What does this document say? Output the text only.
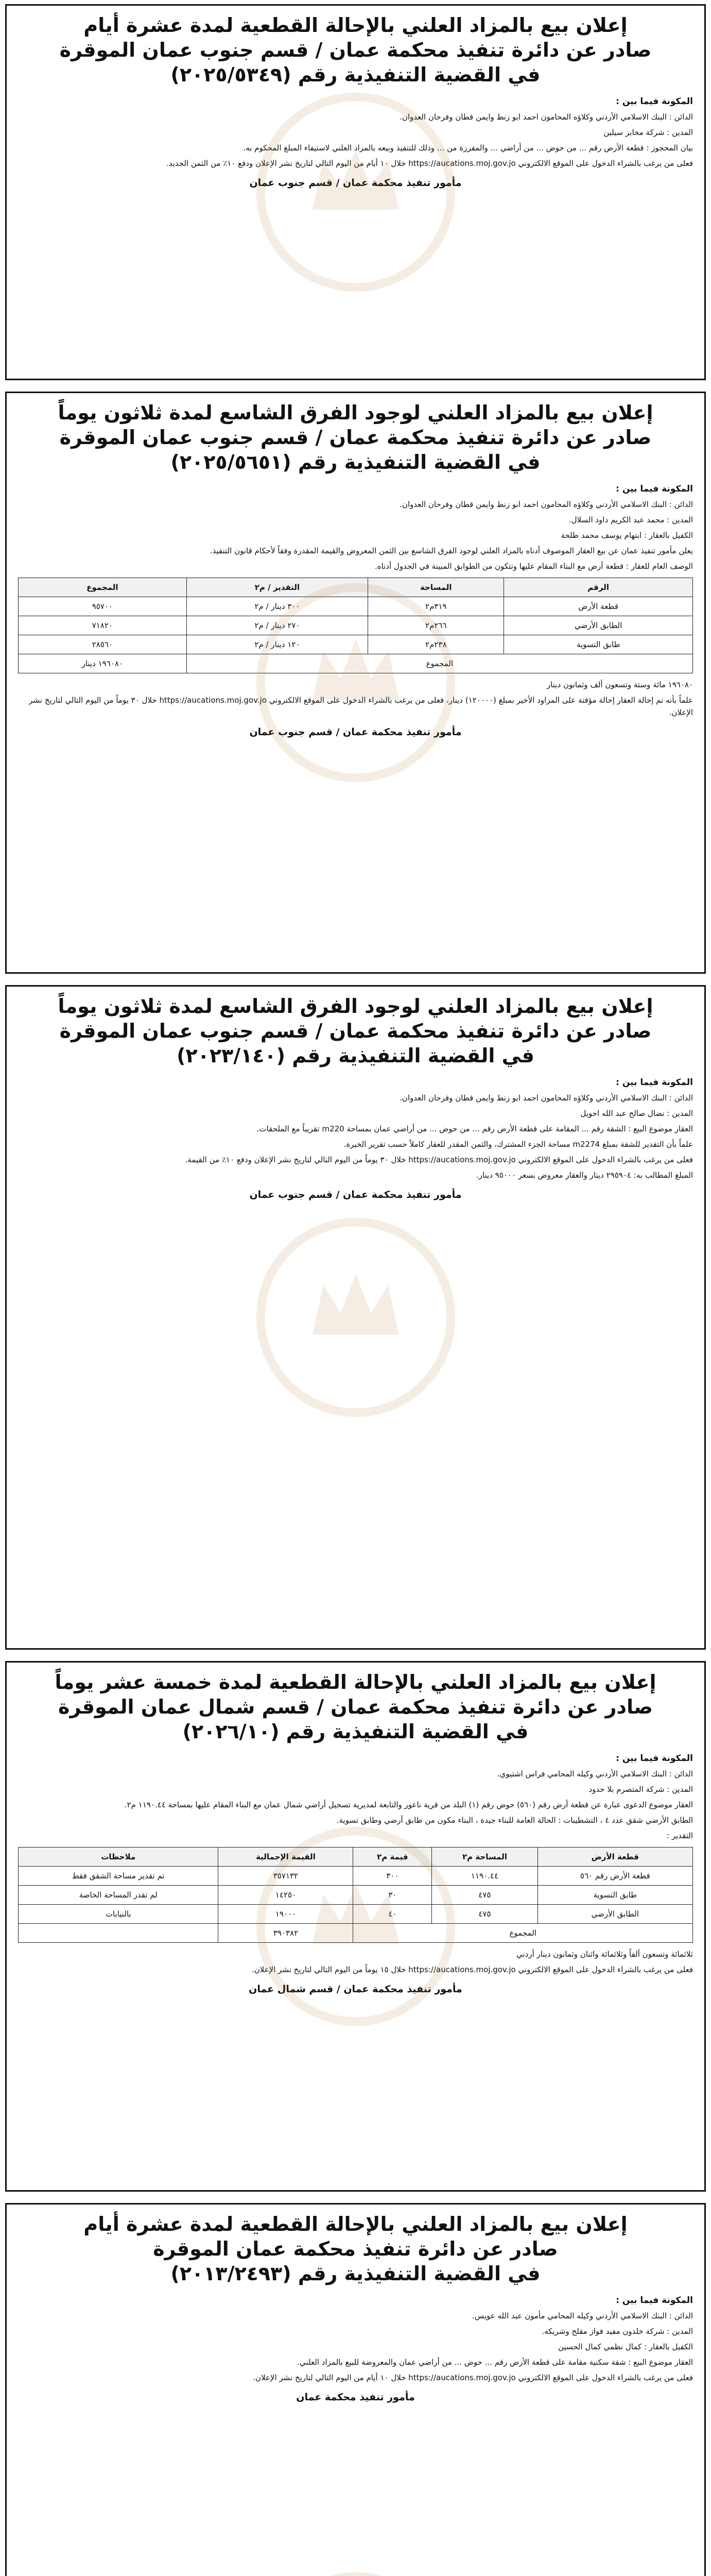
إعلان بيع بالمزاد العلني بالإحالة القطعية لمدة عشرة أيام
صادر عن دائرة تنفيذ محكمة عمان / قسم جنوب عمان الموقرة
في القضية التنفيذية رقم (٢٠٢٥/٥٣٤٩)

المكونة فيما بين :

الدائن : البنك الاسلامي الأردني وكلاؤه المحامون احمد ابو زنط وايمن قطان وفرحان العدوان.

المدين : شركة مخابز سيلين

بيان المحجوز : قطعة الأرض رقم ... من حوض ... من أراضي ... والمفرزة من ... وذلك للتنفيذ وبيعه بالمزاد العلني لاستيفاء المبلغ المحكوم به.

فعلى من يرغب بالشراء الدخول على الموقع الالكتروني https://aucations.moj.gov.jo خلال ١٠ أيام من اليوم التالي لتاريخ نشر الإعلان ودفع ١٠٪ من الثمن الجديد.

مأمور تنفيذ محكمة عمان / قسم جنوب عمان
إعلان بيع بالمزاد العلني لوجود الفرق الشاسع لمدة ثلاثون يوماً
صادر عن دائرة تنفيذ محكمة عمان / قسم جنوب عمان الموقرة
في القضية التنفيذية رقم (٢٠٢٥/٥٦٥١)

المكونة فيما بين :

الدائن : البنك الاسلامي الأردني وكلاؤه المحامون احمد ابو زنط وايمن قطان وفرحان العدوان.

المدين : محمد عبد الكريم داود السلال.

الكفيل بالعقار : ابتهام يوسف محمد طلحة

يعلن مأمور تنفيذ عمان عن بيع العقار الموصوف أدناه بالمزاد العلني لوجود الفرق الشاسع بين الثمن المعروض والقيمة المقدرة وفقاً لأحكام قانون التنفيذ.

الوصف العام للعقار : قطعة أرض مع البناء المقام عليها وتتكون من الطوابق المبينة في الجدول أدناه.

الرقم	المساحة	التقدير / م٢	المجموع
قطعة الأرض	٣١٩م٢	٣٠٠ دينار / م٢	٩٥٧٠٠
الطابق الأرضي	٢٦٦م٢	٢٧٠ دينار / م٢	٧١٨٢٠
طابق التسوية	٢٣٨م٢	١٢٠ دينار / م٢	٢٨٥٦٠
المجموع			١٩٦٠٨٠ دينار

١٩٦٠٨٠ مائة وستة وتسعون ألف وثمانون دينار

علماً بأنه تم إحالة العقار إحالة مؤقتة على المزاود الأخير بمبلغ (١٢٠٠٠٠) دينار، فعلى من يرغب بالشراء الدخول على الموقع الالكتروني https://aucations.moj.gov.jo خلال ٣٠ يوماً من اليوم التالي لتاريخ نشر الإعلان.

مأمور تنفيذ محكمة عمان / قسم جنوب عمان
إعلان بيع بالمزاد العلني لوجود الفرق الشاسع لمدة ثلاثون يوماً
صادر عن دائرة تنفيذ محكمة عمان / قسم جنوب عمان الموقرة
في القضية التنفيذية رقم (٢٠٢٣/١٤٠)

المكونة فيما بين :

الدائن : البنك الاسلامي الأردني وكلاؤه المحامون احمد ابو زنط وايمن قطان وفرحان العدوان.

المدين : نضال صالح عبد الله احويل

العقار موضوع البيع : الشقة رقم ... المقامة على قطعة الأرض رقم ... من حوض ... من أراضي عمان بمساحة m220 تقريباً مع الملحقات.

علماً بأن التقدير للشقة بمبلغ m2274 مساحة الجزء المشترك، والثمن المقدر للعقار كاملاً حسب تقرير الخبرة.

فعلى من يرغب بالشراء الدخول على الموقع الالكتروني https://aucations.moj.gov.jo خلال ٣٠ يوماً من اليوم التالي لتاريخ نشر الإعلان ودفع ١٠٪ من القيمة.

المبلغ المطالب به: ٢٩٥٩٠٤ دينار والعقار معروض بسعر ٩٥٠٠٠ دينار.

مأمور تنفيذ محكمة عمان / قسم جنوب عمان
إعلان بيع بالمزاد العلني بالإحالة القطعية لمدة خمسة عشر يوماً
صادر عن دائرة تنفيذ محكمة عمان / قسم شمال عمان الموقرة
في القضية التنفيذية رقم (٢٠٢٦/١٠)

المكونة فيما بين :

الدائن : البنك الاسلامي الأردني وكيله المحامي فراس اشتيوي.

المدين : شركة المتصرم بلا حدود

العقار موضوع الدعوى عبارة عن قطعة أرض رقم (٥٦٠) حوض رقم (١) البلد من قرية ناعور والتابعة لمديرية تسجيل أراضي شمال عمان مع البناء المقام عليها بمساحة ١١٩٠.٤٤ م٢.

الطابق الأرضي شقق عدد ٤ ، التشطيبات : الحالة العامة للبناء جيدة ، البناء مكون من طابق أرضي وطابق تسوية.

التقدير :

قطعة الأرض	المساحة م٢	قيمة م٢	القيمة الإجمالية	ملاحظات
قطعة الأرض رقم ٥٦٠	١١٩٠.٤٤	٣٠٠	٣٥٧١٣٢	تم تقدير مساحة الشقق فقط
طابق التسوية	٤٧٥	٣٠	١٤٢٥٠	لم تقدر المساحة الخاصة
الطابق الأرضي	٤٧٥	٤٠	١٩٠٠٠	بالنيابات
المجموع			٣٩٠٣٨٢	

ثلاثمائة وتسعون ألفاً وثلاثمائة واثنان وثمانون دينار أردني

فعلى من يرغب بالشراء الدخول على الموقع الالكتروني https://aucations.moj.gov.jo خلال ١٥ يوماً من اليوم التالي لتاريخ نشر الإعلان.

مأمور تنفيذ محكمة عمان / قسم شمال عمان
إعلان بيع بالمزاد العلني بالإحالة القطعية لمدة عشرة أيام
صادر عن دائرة تنفيذ محكمة عمان الموقرة
في القضية التنفيذية رقم (٢٠١٣/٢٤٩٣)

المكونة فيما بين :

الدائن : البنك الاسلامي الأردني وكيله المحامي مأمون عبد الله عويس.

المدين : شركة خلدون مفيد فواز مقلح وشريكه.

الكفيل بالعقار : كمال نظمي كمال الحسين

العقار موضوع البيع : شقة سكنية مقامة على قطعة الأرض رقم ... حوض ... من أراضي عمان والمعروضة للبيع بالمزاد العلني.

فعلى من يرغب بالشراء الدخول على الموقع الالكتروني https://aucations.moj.gov.jo خلال ١٠ أيام من اليوم التالي لتاريخ نشر الإعلان.

مأمور تنفيذ محكمة عمان
